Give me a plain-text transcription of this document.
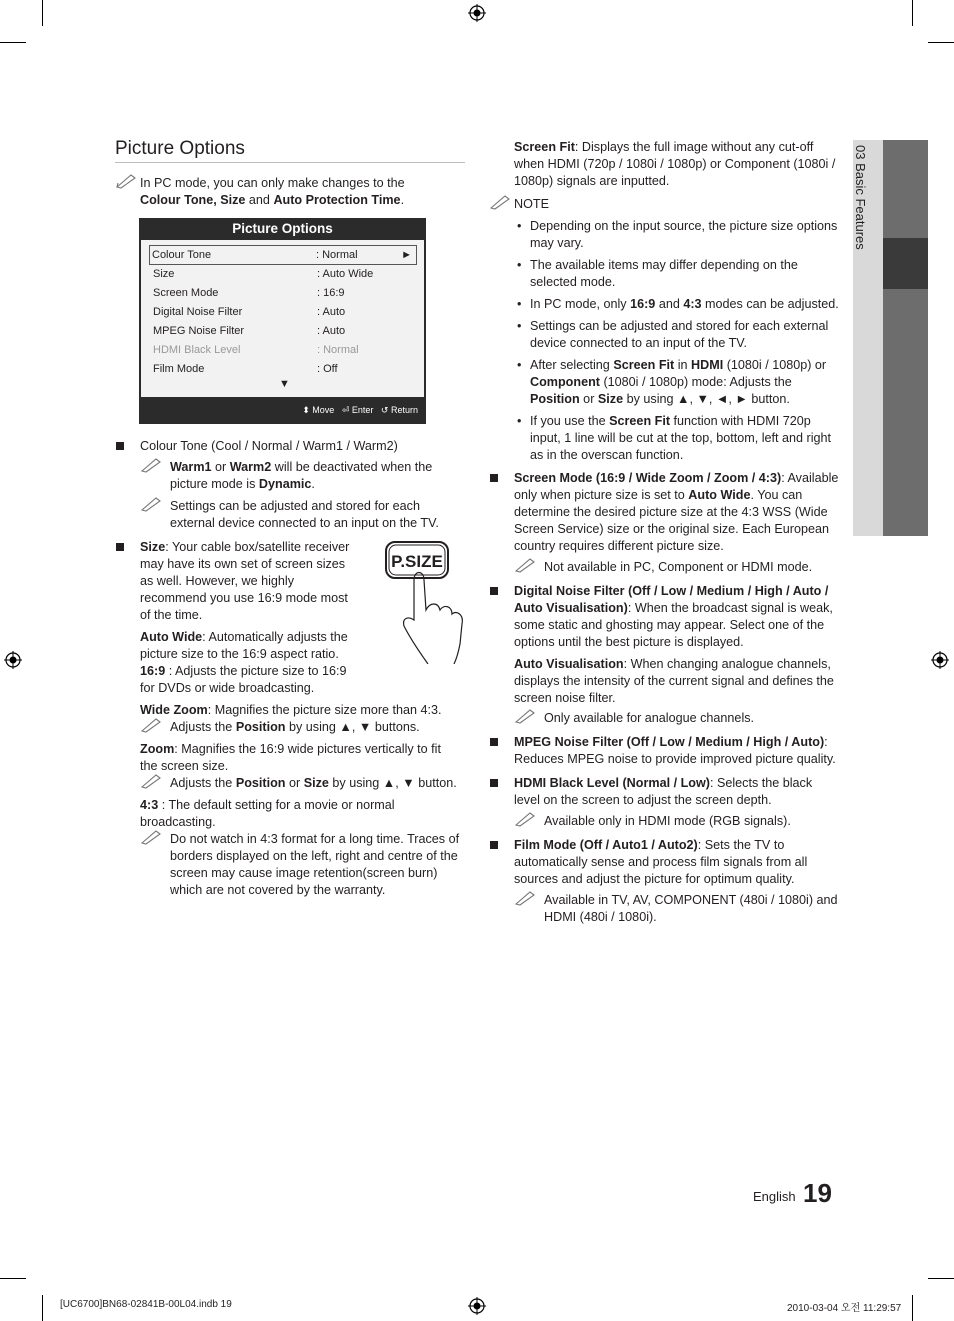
03 Basic Features
Picture Options
In PC mode, you can only make changes to the
Colour Tone, Size and Auto Protection Time.
Picture Options
Colour Tone	: Normal	►
Size	: Auto Wide
Screen Mode	: 16:9
Digital Noise Filter	: Auto
MPEG Noise Filter	: Auto
HDMI Black Level	: Normal
Film Mode	: Off
▼
⬍ Move ⏎ Enter ↺ Return
P.SIZE

Colour Tone (Cool / Normal / Warm1 / Warm2)

Warm1 or Warm2 will be deactivated when the picture mode is Dynamic.
Settings can be adjusted and stored for each external device connected to an input on the TV.

Size: Your cable box/satellite receiver may have its own set of screen sizes as well. However, we highly recommend you use 16:9 mode most of the time.

Auto Wide: Automatically adjusts the picture size to the 16:9 aspect ratio.

16:9 : Adjusts the picture size to 16:9 for DVDs or wide broadcasting.

Wide Zoom: Magnifies the picture size more than 4:3.

Adjusts the Position by using ▲, ▼ buttons.

Zoom: Magnifies the 16:9 wide pictures vertically to fit the screen size.

Adjusts the Position or Size by using ▲, ▼ button.

4:3 : The default setting for a movie or normal broadcasting.

Do not watch in 4:3 format for a long time. Traces of borders displayed on the left, right and centre of the screen may cause image retention(screen burn) which are not covered by the warranty.

Screen Fit: Displays the full image without any cut-off when HDMI (720p / 1080i / 1080p) or Component (1080i / 1080p) signals are inputted.

NOTE
• Depending on the input source, the picture size options may vary.
• The available items may differ depending on the selected mode.
• In PC mode, only 16:9 and 4:3 modes can be adjusted.
• Settings can be adjusted and stored for each external device connected to an input of the TV.
• After selecting Screen Fit in HDMI (1080i / 1080p) or Component (1080i / 1080p) mode: Adjusts the Position or Size by using ▲, ▼, ◄, ► button.
• If you use the Screen Fit function with HDMI 720p input, 1 line will be cut at the top, bottom, left and right as in the overscan function.

Screen Mode (16:9 / Wide Zoom / Zoom / 4:3): Available only when picture size is set to Auto Wide. You can determine the desired picture size at the 4:3 WSS (Wide Screen Service) size or the original size. Each European country requires different picture size.

Not available in PC, Component or HDMI mode.

Digital Noise Filter (Off / Low / Medium / High / Auto / Auto Visualisation): When the broadcast signal is weak, some static and ghosting may appear. Select one of the options until the best picture is displayed.

Auto Visualisation: When changing analogue channels, displays the intensity of the current signal and defines the screen noise filter.

Only available for analogue channels.

MPEG Noise Filter (Off / Low / Medium / High / Auto): Reduces MPEG noise to provide improved picture quality.

HDMI Black Level (Normal / Low): Selects the black level on the screen to adjust the screen depth.

Available only in HDMI mode (RGB signals).

Film Mode (Off / Auto1 / Auto2): Sets the TV to automatically sense and process film signals from all sources and adjust the picture for optimum quality.

Available in TV, AV, COMPONENT (480i / 1080i) and HDMI (480i / 1080i).
English 19
[UC6700]BN68-02841B-00L04.indb 19	2010-03-04 오전 11:29:57
